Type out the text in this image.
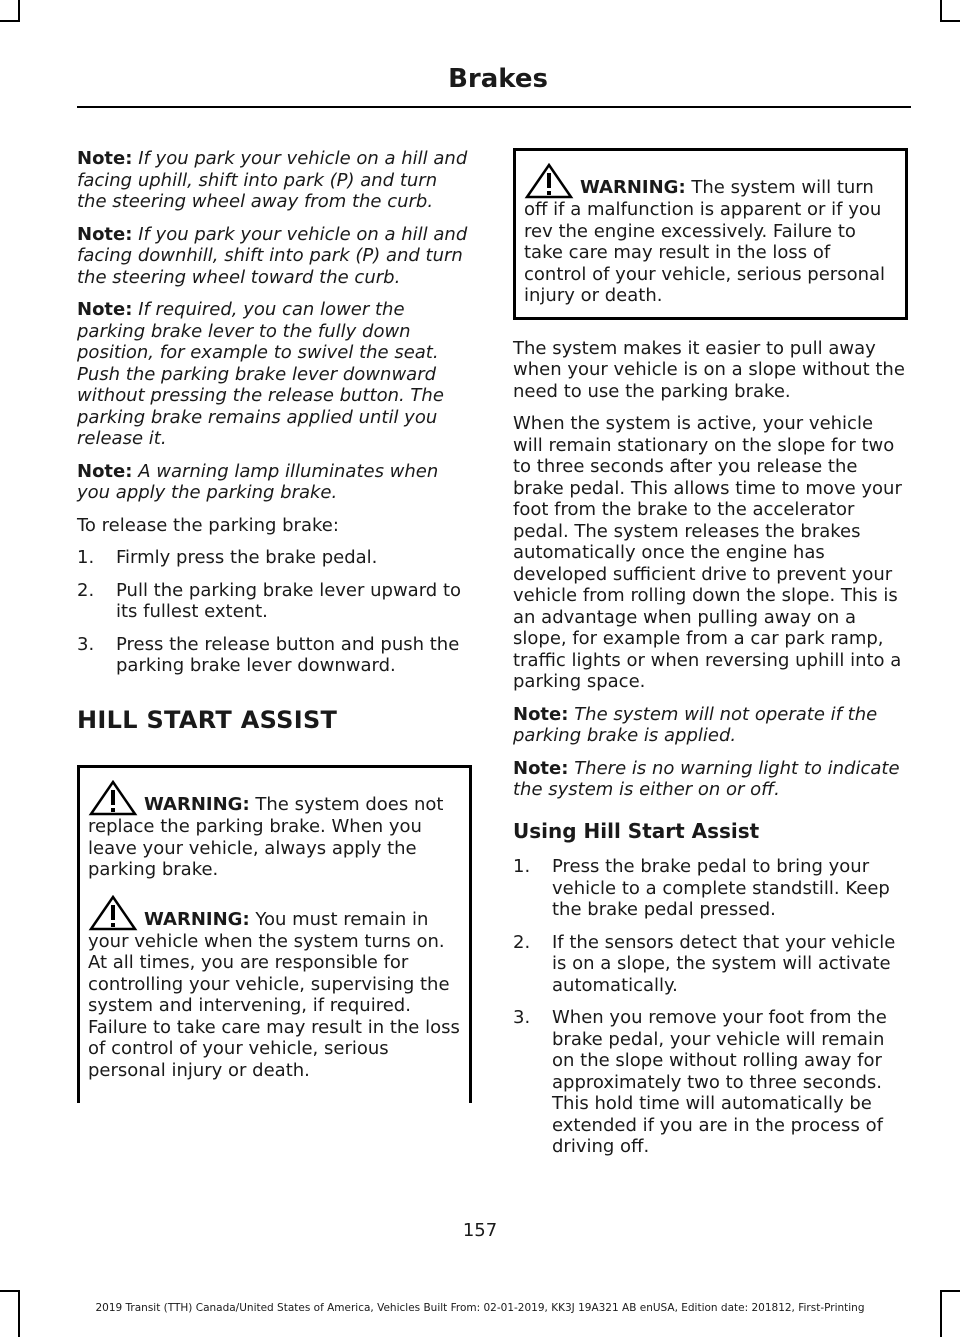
Brakes

Note: If you park your vehicle on a hill and facing uphill, shift into park (P) and turn the steering wheel away from the curb.

Note: If you park your vehicle on a hill and facing downhill, shift into park (P) and turn the steering wheel toward the curb.

Note: If required, you can lower the parking brake lever to the fully down position, for example to swivel the seat. Push the parking brake lever downward without pressing the release button. The parking brake remains applied until you release it.

Note: A warning lamp illuminates when you apply the parking brake.

To release the parking brake:

1.	Firmly press the brake pedal.
2.	Pull the parking brake lever upward to its fullest extent.
3.	Press the release button and push the parking brake lever downward.
HILL START ASSIST
WARNING: The system does not replace the parking brake. When you leave your vehicle, always apply the parking brake.
WARNING: You must remain in your vehicle when the system turns on. At all times, you are responsible for controlling your vehicle, supervising the system and intervening, if required. Failure to take care may result in the loss of control of your vehicle, serious personal injury or death.
WARNING: The system will turn off if a malfunction is apparent or if you rev the engine excessively. Failure to take care may result in the loss of control of your vehicle, serious personal injury or death.

The system makes it easier to pull away when your vehicle is on a slope without the need to use the parking brake.

When the system is active, your vehicle will remain stationary on the slope for two to three seconds after you release the brake pedal. This allows time to move your foot from the brake to the accelerator pedal. The system releases the brakes automatically once the engine has developed sufficient drive to prevent your vehicle from rolling down the slope. This is an advantage when pulling away on a slope, for example from a car park ramp, traffic lights or when reversing uphill into a parking space.

Note: The system will not operate if the parking brake is applied.

Note: There is no warning light to indicate the system is either on or off.

Using Hill Start Assist
1.	Press the brake pedal to bring your vehicle to a complete standstill. Keep the brake pedal pressed.
2.	If the sensors detect that your vehicle is on a slope, the system will activate automatically.
3.	When you remove your foot from the brake pedal, your vehicle will remain on the slope without rolling away for approximately two to three seconds. This hold time will automatically be extended if you are in the process of driving off.
157
2019 Transit (TTH) Canada/United States of America, Vehicles Built From: 02-01-2019, KK3J 19A321 AB enUSA, Edition date: 201812, First-Printing
